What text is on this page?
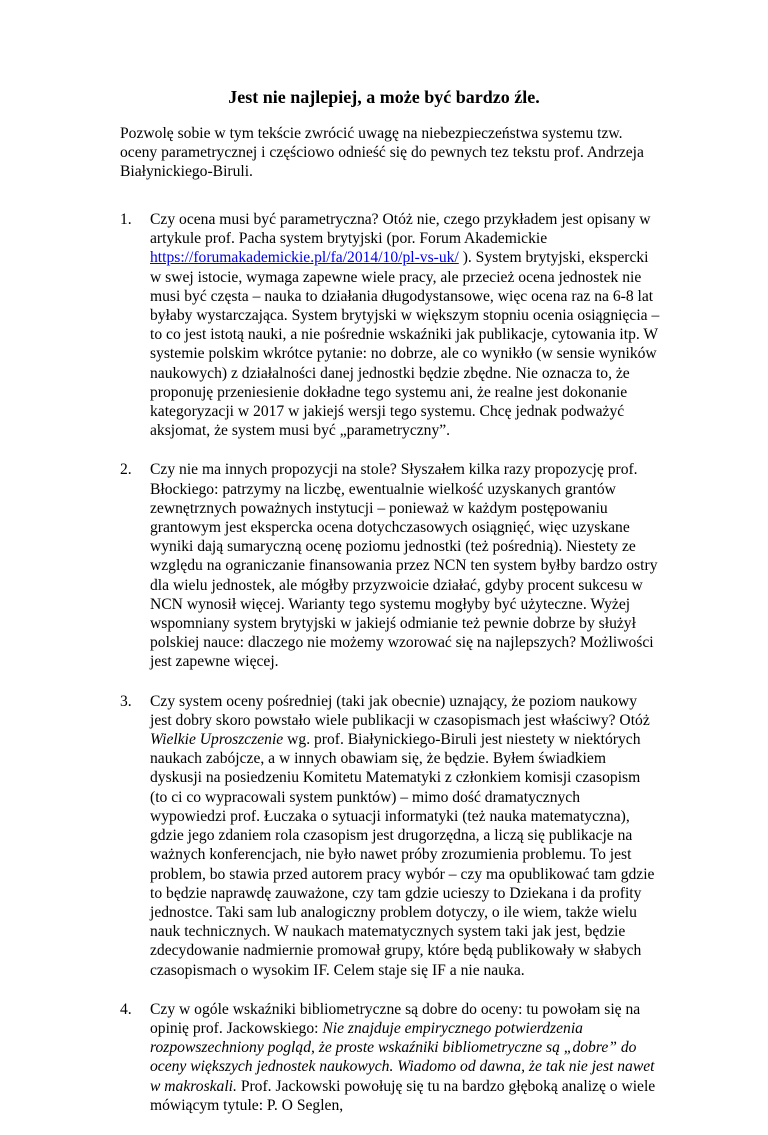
Jest nie najlepiej, a może być bardzo źle.
Pozwolę sobie w tym tekście zwrócić uwagę na niebezpieczeństwa systemu tzw. oceny parametrycznej i częściowo odnieść się do pewnych tez tekstu prof. Andrzeja Białynickiego-Biruli.
1. Czy ocena musi być parametryczna? Otóż nie, czego przykładem jest opisany w artykule prof. Pacha system brytyjski (por. Forum Akademickie https://forumakademickie.pl/fa/2014/10/pl-vs-uk/ ). System brytyjski, ekspercki w swej istocie, wymaga zapewne wiele pracy, ale przecież ocena jednostek nie musi być częsta – nauka to działania długodystansowe, więc ocena raz na 6-8 lat byłaby wystarczająca. System brytyjski w większym stopniu ocenia osiągnięcia – to co jest istotą nauki, a nie pośrednie wskaźniki jak publikacje, cytowania itp. W systemie polskim wkrótce pytanie: no dobrze, ale co wynikło (w sensie wyników naukowych) z działalności danej jednostki będzie zbędne. Nie oznacza to, że proponuję przeniesienie dokładne tego systemu ani, że realne jest dokonanie kategoryzacji w 2017 w jakiejś wersji tego systemu. Chcę jednak podważyć aksjomat, że system musi być „parametryczny”.

2. Czy nie ma innych propozycji na stole? Słyszałem kilka razy propozycję prof. Błockiego: patrzymy na liczbę, ewentualnie wielkość uzyskanych grantów zewnętrznych poważnych instytucji – ponieważ w każdym postępowaniu grantowym jest ekspercka ocena dotychczasowych osiągnięć, więc uzyskane wyniki dają sumaryczną ocenę poziomu jednostki (też pośrednią). Niestety ze względu na ograniczanie finansowania przez NCN ten system byłby bardzo ostry dla wielu jednostek, ale mógłby przyzwoicie działać, gdyby procent sukcesu w NCN wynosił więcej. Warianty tego systemu mogłyby być użyteczne. Wyżej wspomniany system brytyjski w jakiejś odmianie też pewnie dobrze by służył polskiej nauce: dlaczego nie możemy wzorować się na najlepszych? Możliwości jest zapewne więcej.

3. Czy system oceny pośredniej (taki jak obecnie) uznający, że poziom naukowy jest dobry skoro powstało wiele publikacji w czasopismach jest właściwy? Otóż Wielkie Uproszczenie wg. prof. Białynickiego-Biruli jest niestety w niektórych naukach zabójcze, a w innych obawiam się, że będzie. Byłem świadkiem dyskusji na posiedzeniu Komitetu Matematyki z członkiem komisji czasopism (to ci co wypracowali system punktów) – mimo dość dramatycznych wypowiedzi prof. Łuczaka o sytuacji informatyki (też nauka matematyczna), gdzie jego zdaniem rola czasopism jest drugorzędna, a liczą się publikacje na ważnych konferencjach, nie było nawet próby zrozumienia problemu. To jest problem, bo stawia przed autorem pracy wybór – czy ma opublikować tam gdzie to będzie naprawdę zauważone, czy tam gdzie ucieszy to Dziekana i da profity jednostce. Taki sam lub analogiczny problem dotyczy, o ile wiem, także wielu nauk technicznych. W naukach matematycznych system taki jak jest, będzie zdecydowanie nadmiernie promował grupy, które będą publikowały w słabych czasopismach o wysokim IF. Celem staje się IF a nie nauka.

4. Czy w ogóle wskaźniki bibliometryczne są dobre do oceny: tu powołam się na opinię prof. Jackowskiego: Nie znajduje empirycznego potwierdzenia rozpowszechniony pogląd, że proste wskaźniki bibliometryczne są „dobre” do oceny większych jednostek naukowych. Wiadomo od dawna, że tak nie jest nawet w makroskali. Prof. Jackowski powołuję się tu na bardzo głęboką analizę o wiele mówiącym tytule: P. O Seglen,
